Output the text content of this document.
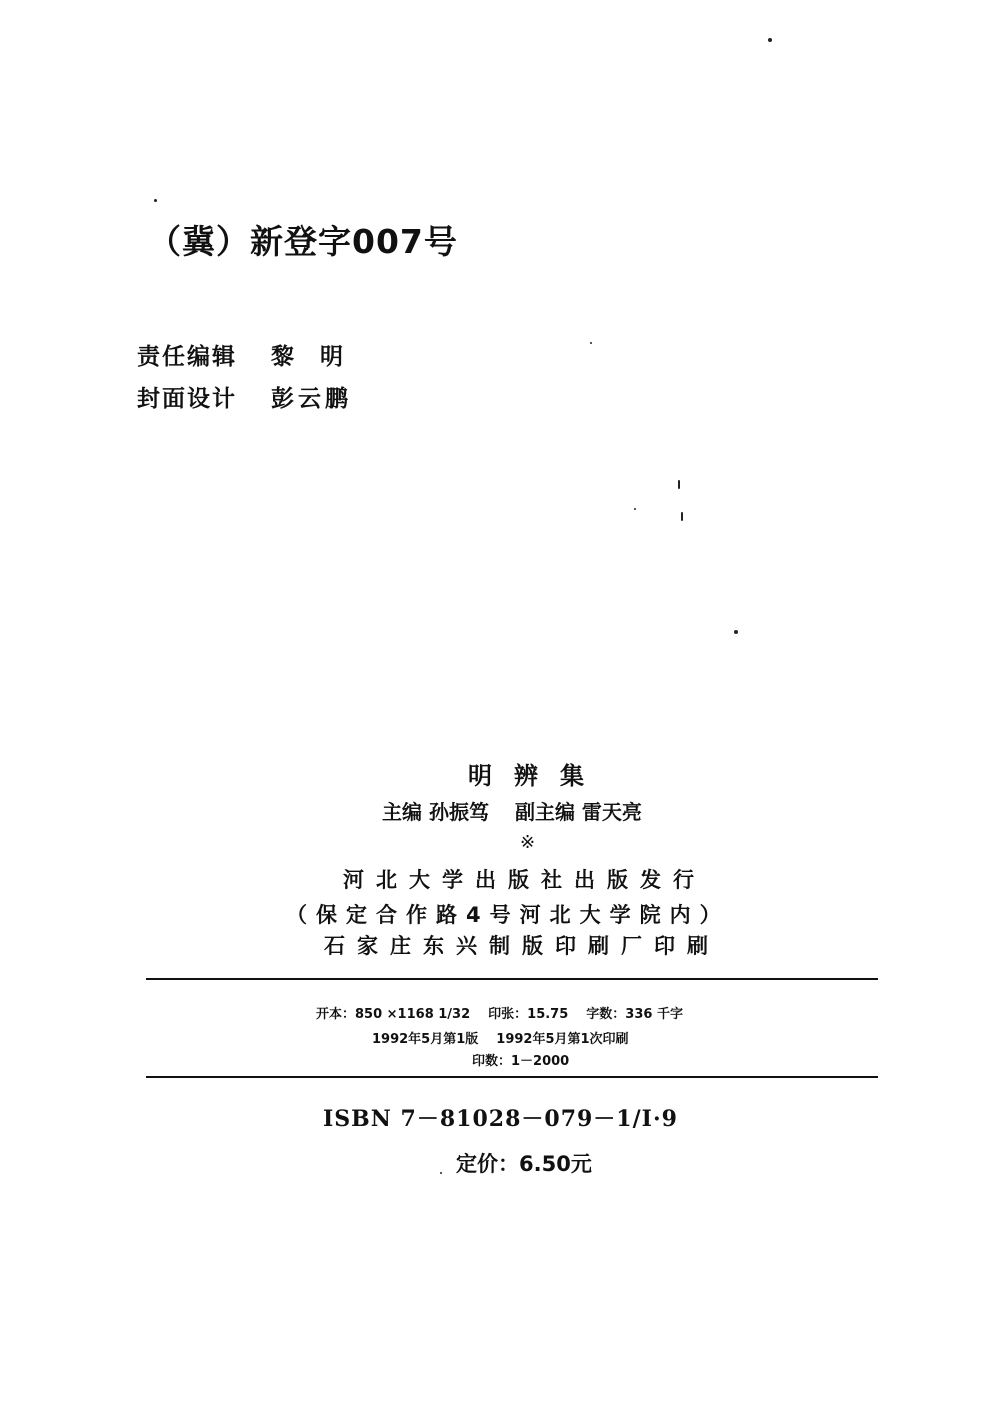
（冀）新登字007号
责任编辑 黎明
封面设计 彭云鹏
明辨集
主编 孙振笃 副主编 雷天亮
※
河北大学出版社出版发行
（保定合作路4号河北大学院内）
石家庄东兴制版印刷厂印刷
开本：850 ×1168 1/32 印张：15.75 字数：336 千字
1992年5月第1版 1992年5月第1次印刷
印数：1－2000
ISBN 7－81028－079－1/I·9
定价：6.50元
